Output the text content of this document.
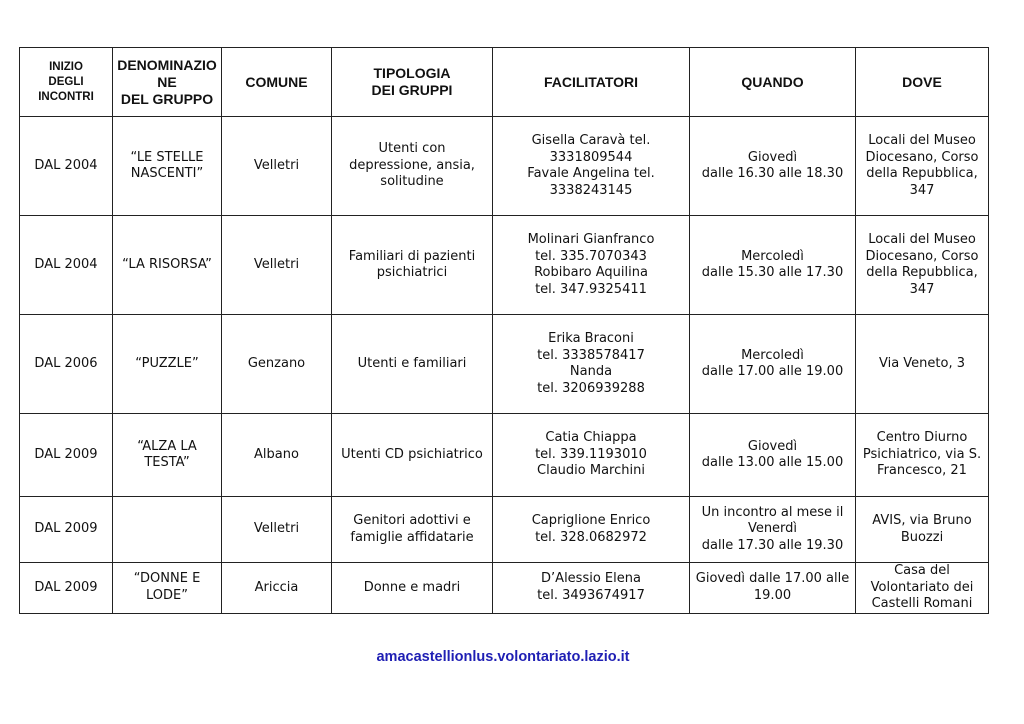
INIZIO
DEGLI
INCONTRI	DENOMINAZIO
NE
DEL GRUPPO	COMUNE	TIPOLOGIA
DEI GRUPPI	FACILITATORI	QUANDO	DOVE
DAL 2004	“LE STELLE
NASCENTI”	Velletri	Utenti con
depressione, ansia,
solitudine	Gisella Caravà tel.
3331809544
Favale Angelina tel.
3338243145	Giovedì
dalle 16.30 alle 18.30	Locali del Museo
Diocesano, Corso
della Repubblica,
347
DAL 2004	“LA RISORSA”	Velletri	Familiari di pazienti
psichiatrici	Molinari Gianfranco
tel. 335.7070343
Robibaro Aquilina
tel. 347.9325411	Mercoledì
dalle 15.30 alle 17.30	Locali del Museo
Diocesano, Corso
della Repubblica,
347
DAL 2006	“PUZZLE”	Genzano	Utenti e familiari	Erika Braconi
tel. 3338578417
Nanda
tel. 3206939288	Mercoledì
dalle 17.00 alle 19.00	Via Veneto, 3
DAL 2009	“ALZA LA
TESTA”	Albano	Utenti CD psichiatrico	Catia Chiappa
tel. 339.1193010
Claudio Marchini	Giovedì
dalle 13.00 alle 15.00	Centro Diurno
Psichiatrico, via S.
Francesco, 21
DAL 2009		Velletri	Genitori adottivi e
famiglie affidatarie	Capriglione Enrico
tel. 328.0682972	Un incontro al mese il
Venerdì
dalle 17.30 alle 19.30	AVIS, via Bruno
Buozzi
DAL 2009	“DONNE E
LODE”	Ariccia	Donne e madri	D’Alessio Elena
tel. 3493674917	Giovedì dalle 17.00 alle
19.00	Casa del
Volontariato dei
Castelli Romani
amacastellionlus.volontariato.lazio.it
